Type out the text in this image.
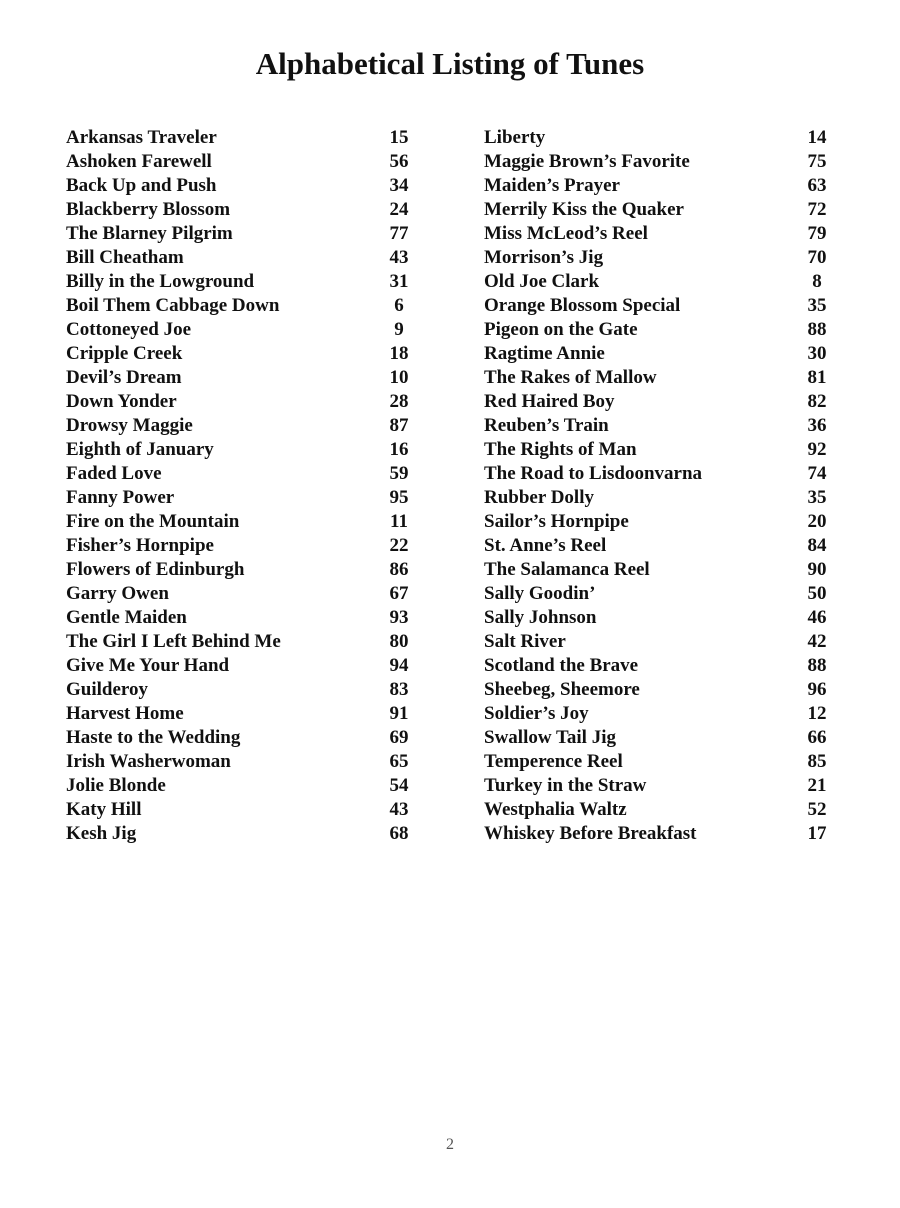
Alphabetical Listing of Tunes
Arkansas Traveler	15
Ashoken Farewell	56
Back Up and Push	34
Blackberry Blossom	24
The Blarney Pilgrim	77
Bill Cheatham	43
Billy in the Lowground	31
Boil Them Cabbage Down	6
Cottoneyed Joe	9
Cripple Creek	18
Devil’s Dream	10
Down Yonder	28
Drowsy Maggie	87
Eighth of January	16
Faded Love	59
Fanny Power	95
Fire on the Mountain	11
Fisher’s Hornpipe	22
Flowers of Edinburgh	86
Garry Owen	67
Gentle Maiden	93
The Girl I Left Behind Me	80
Give Me Your Hand	94
Guilderoy	83
Harvest Home	91
Haste to the Wedding	69
Irish Washerwoman	65
Jolie Blonde	54
Katy Hill	43
Kesh Jig	68
Liberty	14
Maggie Brown’s Favorite	75
Maiden’s Prayer	63
Merrily Kiss the Quaker	72
Miss McLeod’s Reel	79
Morrison’s Jig	70
Old Joe Clark	8
Orange Blossom Special	35
Pigeon on the Gate	88
Ragtime Annie	30
The Rakes of Mallow	81
Red Haired Boy	82
Reuben’s Train	36
The Rights of Man	92
The Road to Lisdoonvarna	74
Rubber Dolly	35
Sailor’s Hornpipe	20
St. Anne’s Reel	84
The Salamanca Reel	90
Sally Goodin’	50
Sally Johnson	46
Salt River	42
Scotland the Brave	88
Sheebeg, Sheemore	96
Soldier’s Joy	12
Swallow Tail Jig	66
Temperence Reel	85
Turkey in the Straw	21
Westphalia Waltz	52
Whiskey Before Breakfast	17
2
